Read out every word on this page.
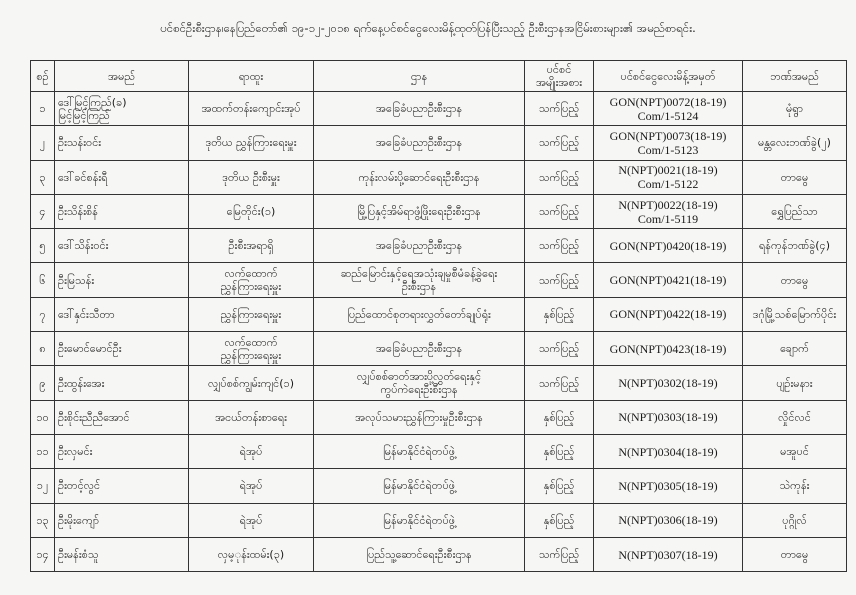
ပင်စင်ဦးစီးဌာန၊နေပြည်တော်၏ ၁၉-၁၂-၂၀၁၈ ရက်နေ့ပင်စင်ငွေလေးမိန့်ထုတ်ပြန်ပြီးသည့် ဦးစီးဌာနအငြိမ်းစားများ၏ အမည်စာရင်း.
စဉ်	အမည်	ရာထူး	ဌာန	ပင်စင်
အမျိုးအစား	ပင်စင်ငွေလေးမိန့်အမှတ်	ဘဏ်အမည်

၁	ဒေါ်မြင့်ကြည်(ခ)
မြင့်မြင့်ကြည်	အထက်တန်းကျောင်းအုပ်	အခြေခံပညာဦးစီးဌာန	သက်ပြည့်	GON(NPT)0072(18-19)
Com/1-5124	မုံရွာ

၂	ဦးသန်းဝင်း	ဒုတိယ ညွှန်ကြားရေးမှူး	အခြေခံပညာဦးစီးဌာန	သက်ပြည့်	GON(NPT)0073(18-19)
Com/1-5123	မန္တလေးဘဏ်ခွဲ(၂)

၃	ဒေါ်ခင်စန်းရီ	ဒုတိယ ဦးစီးမှူး	ကုန်းလမ်းပို့ဆောင်ရေးဦးစီးဌာန	သက်ပြည့်	N(NPT)0021(18-19)
Com/1-5122	တာမွေ

၄	ဦးသိန်းစိန်	မြေတိုင်း(၁)	မြို့ပြနှင့်အိမ်ရာဖွံ့ဖြိုးရေးဦးစီးဌာန	သက်ပြည့်	N(NPT)0022(18-19)
Com/1-5119	ရွှေပြည်သာ

၅	ဒေါ်သိန်းဝင်း	ဦးစီးအရာရှိ	အခြေခံပညာဦးစီးဌာန	သက်ပြည့်	GON(NPT)0420(18-19)	ရန်ကုန်ဘဏ်ခွဲ(၄)

၆	ဦးမြသန်း	လက်ထောက်
ညွှန်ကြားရေးမှူး	ဆည်မြောင်းနှင့်ရေအသုံးချမှုစီမံခန့်ခွဲရေး
ဦးစီးဌာန	သက်ပြည့်	GON(NPT)0421(18-19)	တာမွေ

၇	ဒေါ်နှင်းသီတာ	ညွှန်ကြားရေးမှူး	ပြည်ထောင်စုတရားလွှတ်တော်ချုပ်ရုံး	နှစ်ပြည့်	GON(NPT)0422(18-19)	ဒဂုံမြို့သစ်မြောက်ပိုင်း

၈	ဦးမောင်မောင်ဦး	လက်ထောက်
ညွှန်ကြားရေးမှူး	အခြေခံပညာဦးစီးဌာန	သက်ပြည့်	GON(NPT)0423(18-19)	ချောက်

၉	ဦးထွန်းအေး	လျှပ်စစ်ကျွမ်းကျင်(၁)	လျှပ်စစ်ဓာတ်အားပို့လွှတ်ရေးနှင့်
ကွပ်ကဲရေးဦးစီးဌာန	သက်ပြည့်	N(NPT)0302(18-19)	ပျဉ်းမနား

၁၀	ဦးစိုင်းညီညီအောင်	အငယ်တန်းစာရေး	အလုပ်သမားညွှန်ကြားမှုဦးစီးဌာန	နှစ်ပြည့်	N(NPT)0303(18-19)	လှိုင်လင်

၁၁	ဦးလှမင်း	ရဲအုပ်	မြန်မာနိုင်ငံရဲတပ်ဖွဲ့	နှစ်ပြည့်	N(NPT)0304(18-19)	မအူပင်

၁၂	ဦးတင့်လွင်	ရဲအုပ်	မြန်မာနိုင်ငံရဲတပ်ဖွဲ့	နှစ်ပြည့်	N(NPT)0305(18-19)	သဲကုန်း

၁၃	ဦးမိုးကျော်	ရဲအုပ်	မြန်မာနိုင်ငံရဲတပ်ဖွဲ့	နှစ်ပြည့်	N(NPT)0306(18-19)	ပုဂ္ဂိုလ်

၁၄	ဦးမန်းစံသူ	လှမ့ုန်းထမ်း(၃)	ပြည်သူ့ဆောင်ရေးဦးစီးဌာန	သက်ပြည့်	N(NPT)0307(18-19)	တာမွေ
